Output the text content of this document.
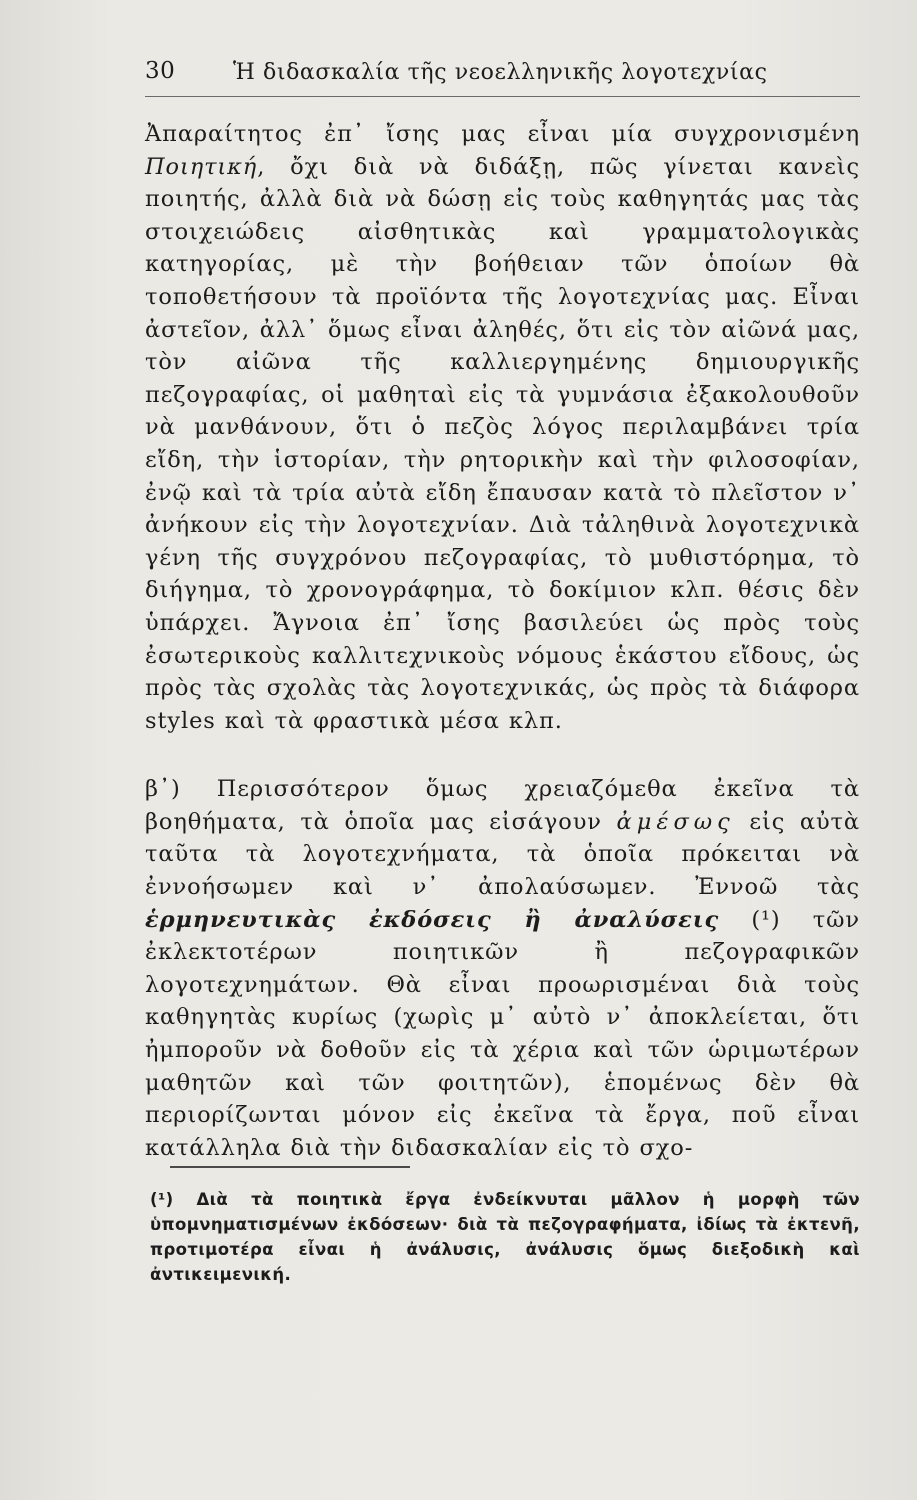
30	Ἡ διδασκαλία τῆς νεοελληνικῆς λογοτεχνίας

Ἀπαραίτητος ἐπ᾿ ἴσης μας εἶναι μία συγχρονισμένη Ποιητική, ὄχι διὰ νὰ διδάξῃ, πῶς γίνεται κανεὶς ποιητής, ἀλλὰ διὰ νὰ δώσῃ εἰς τοὺς καθηγητάς μας τὰς στοιχειώδεις αἰσθητικὰς καὶ γραμματολογικὰς κατηγορίας, μὲ τὴν βοήθειαν τῶν ὁποίων θὰ τοποθετήσουν τὰ προϊόντα τῆς λογοτεχνίας μας. Εἶναι ἀστεῖον, ἀλλ᾿ ὅμως εἶναι ἀληθές, ὅτι εἰς τὸν αἰῶνά μας, τὸν αἰῶνα τῆς καλλιεργημένης δημιουργικῆς πεζογραφίας, οἱ μαθηταὶ εἰς τὰ γυμνάσια ἐξακολουθοῦν νὰ μανθάνουν, ὅτι ὁ πεζὸς λόγος περιλαμβάνει τρία εἴδη, τὴν ἱστορίαν, τὴν ρητορικὴν καὶ τὴν φιλοσοφίαν, ἐνῷ καὶ τὰ τρία αὐτὰ εἴδη ἔπαυσαν κατὰ τὸ πλεῖστον ν᾿ ἀνήκουν εἰς τὴν λογοτεχνίαν. Διὰ τἀληθινὰ λογοτεχνικὰ γένη τῆς συγχρόνου πεζογραφίας, τὸ μυθιστόρημα, τὸ διήγημα, τὸ χρονογράφημα, τὸ δοκίμιον κλπ. θέσις δὲν ὑπάρχει. Ἄγνοια ἐπ᾿ ἴσης βασιλεύει ὡς πρὸς τοὺς ἐσωτερικοὺς καλλιτεχνικοὺς νόμους ἑκάστου εἴδους, ὡς πρὸς τὰς σχολὰς τὰς λογοτεχνικάς, ὡς πρὸς τὰ διάφορα styles καὶ τὰ φραστικὰ μέσα κλπ.

β᾿) Περισσότερον ὅμως χρειαζόμεθα ἐκεῖνα τὰ βοηθήματα, τὰ ὁποῖα μας εἰσάγουν ἀμέσως εἰς αὐτὰ ταῦτα τὰ λογοτεχνήματα, τὰ ὁποῖα πρόκειται νὰ ἐννοήσωμεν καὶ ν᾿ ἀπολαύσωμεν. Ἐννοῶ τὰς ἑρμηνευτικὰς ἐκδόσεις ἢ ἀναλύσεις (¹) τῶν ἐκλεκτοτέρων ποιητικῶν ἢ πεζογραφικῶν λογοτεχνημάτων. Θὰ εἶναι προωρισμέναι διὰ τοὺς καθηγητὰς κυρίως (χωρὶς μ᾿ αὐτὸ ν᾿ ἀποκλείεται, ὅτι ἠμποροῦν νὰ δοθοῦν εἰς τὰ χέρια καὶ τῶν ὡριμωτέρων μαθητῶν καὶ τῶν φοιτητῶν), ἑπομένως δὲν θὰ περιορίζωνται μόνον εἰς ἐκεῖνα τὰ ἔργα, ποῦ εἶναι κατάλληλα διὰ τὴν διδασκαλίαν εἰς τὸ σχο-

(¹) Διὰ τὰ ποιητικὰ ἔργα ἐνδείκνυται μᾶλλον ἡ μορφὴ τῶν ὑπομνηματισμένων ἐκδόσεων· διὰ τὰ πεζογραφήματα, ἰδίως τὰ ἐκτενῆ, προτιμοτέρα εἶναι ἡ ἀνάλυσις, ἀνάλυσις ὅμως διεξοδικὴ καὶ ἀντικειμενική.
